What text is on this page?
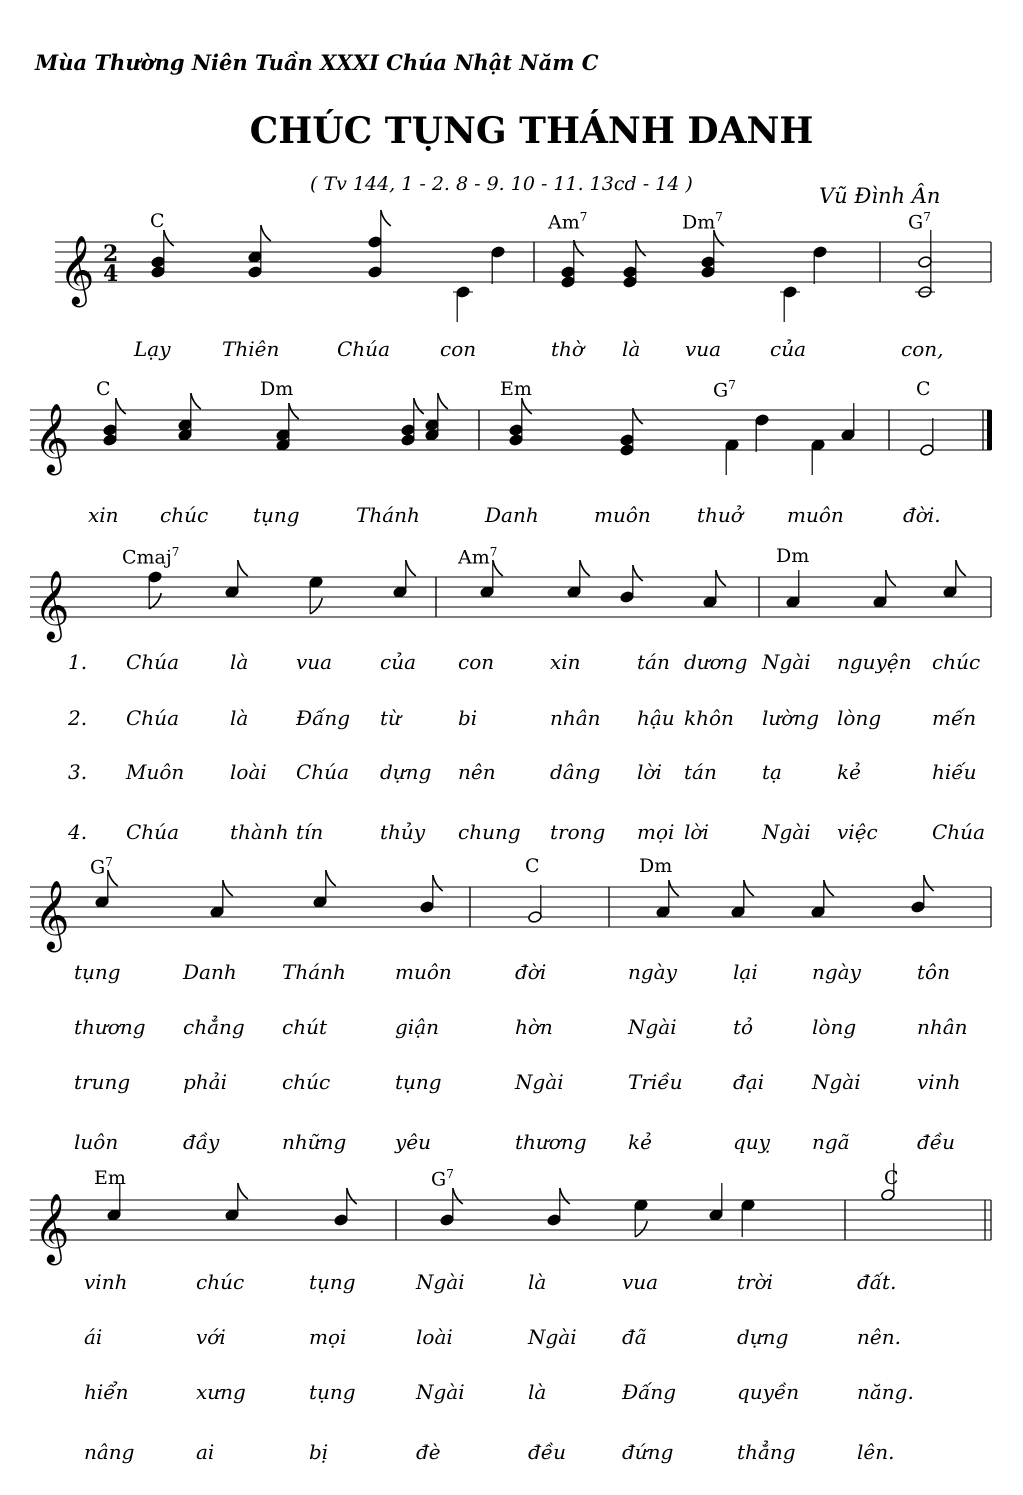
Mùa Thường Niên Tuần XXXI Chúa Nhật Năm C
CHÚC TỤNG THÁNH DANH
( Tv 144, 1 - 2. 8 - 9. 10 - 11. 13cd - 14 )	Vũ Đình Ân
𝄞 2
4
C	Am$^7$	Dm$^7$	$G^7$
Lạy	Thiên	Chúa	con	thờ là vua của	con,
𝄞
C	Dm	Em	$G^7$	C
xin chúc tụng	Thánh	Danh	muôn thuở muôn	đời.
𝄞
Cmaj$^7$	Am$^7$	Dm
1. Chúa	là vua của con	xin	tán dương Ngài nguyện chúc
2. Chúa	là Đấng từ	bi	nhân hậu khôn lường lòng	mến
3. Muôn loài Chúa dựng nên	dâng lời tán tạ	kẻ	hiếu
4. Chúa	thành tín	thủy chung trong mọi lời	Ngài việc	Chúa
𝄞
$G^7$	C	Dm
tụng	Danh Thánh muôn	đời	ngày	lại	ngày	tôn
thương chẳng chút	giận	hờn	Ngài	tỏ	lòng	nhân
trung	phải	chúc	tụng	Ngài	Triều	đại Ngài	vinh
luôn	đầy	những yêu	thương kẻ	quỵ ngã	đều
𝄞
Em	$G^7$	C
vinh	chúc	tụng	Ngài	là	vua	trời	đất.
ái	với	mọi	loài	Ngài đã	dựng	nên.
hiển	xưng	tụng	Ngài	là	Đấng	quyền	năng.
nâng	ai	bị	đè	đều	đứng	thẳng	lên.
